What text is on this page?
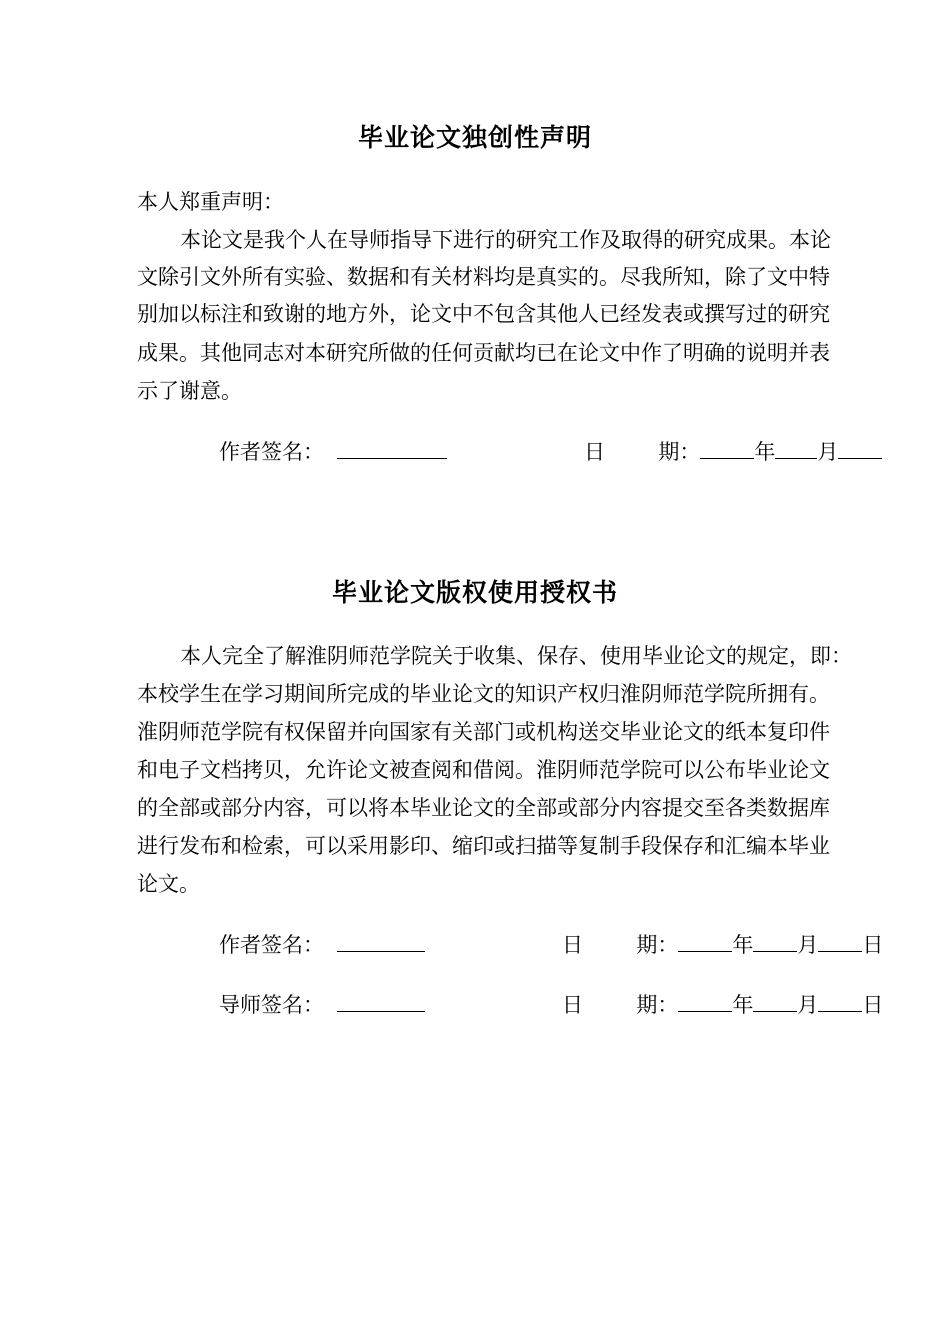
毕业论文独创性声明
本人郑重声明：
本论文是我个人在导师指导下进行的研究工作及取得的研究成果。本论
文除引文外所有实验、数据和有关材料均是真实的。尽我所知，除了文中特
别加以标注和致谢的地方外，论文中不包含其他人已经发表或撰写过的研究
成果。其他同志对本研究所做的任何贡献均已在论文中作了明确的说明并表
示了谢意。
作者签名：	日	期：	年 月
毕业论文版权使用授权书
本人完全了解淮阴师范学院关于收集、保存、使用毕业论文的规定，即：
本校学生在学习期间所完成的毕业论文的知识产权归淮阴师范学院所拥有。
淮阴师范学院有权保留并向国家有关部门或机构送交毕业论文的纸本复印件
和电子文档拷贝，允许论文被查阅和借阅。淮阴师范学院可以公布毕业论文
的全部或部分内容，可以将本毕业论文的全部或部分内容提交至各类数据库
进行发布和检索，可以采用影印、缩印或扫描等复制手段保存和汇编本毕业
论文。
作者签名：	日	期：	年 月 日
导师签名：	日	期：	年 月 日
